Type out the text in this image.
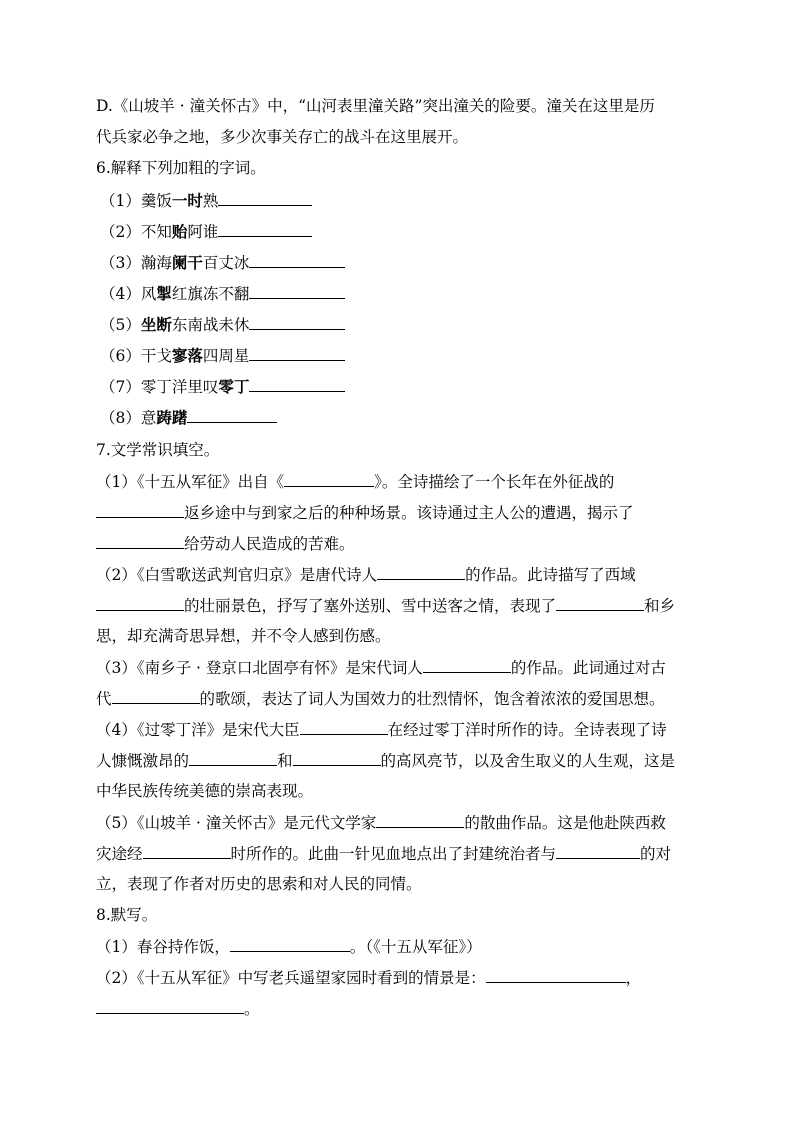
D.《山坡羊 · 潼关怀古》中，“山河表里潼关路”突出潼关的险要。潼关在这里是历
代兵家必争之地，多少次事关存亡的战斗在这里展开。
6.解释下列加粗的字词。
（1）羹饭一时熟
（2）不知贻阿谁
（3）瀚海阑干百丈冰
（4）风掣红旗冻不翻
（5）坐断东南战未休
（6）干戈寥落四周星
（7）零丁洋里叹零丁
（8）意踌躇
7.文学常识填空。
（1）《十五从军征》出自《	》。全诗描绘了一个长年在外征战的
返乡途中与到家之后的种种场景。该诗通过主人公的遭遇，揭示了
给劳动人民造成的苦难。
（2）《白雪歌送武判官归京》是唐代诗人	的作品。此诗描写了西域
的壮丽景色，抒写了塞外送别、雪中送客之情，表现了	和乡
思，却充满奇思异想，并不令人感到伤感。
（3）《南乡子 · 登京口北固亭有怀》是宋代词人	的作品。此词通过对古
代	的歌颂，表达了词人为国效力的壮烈情怀，饱含着浓浓的爱国思想。
（4）《过零丁洋》是宋代大臣	在经过零丁洋时所作的诗。全诗表现了诗
人慷慨激昂的	和	的高风亮节，以及舍生取义的人生观，这是
中华民族传统美德的崇高表现。
（5）《山坡羊 · 潼关怀古》是元代文学家	的散曲作品。这是他赴陕西救
灾途经	时所作的。此曲一针见血地点出了封建统治者与	的对
立，表现了作者对历史的思索和对人民的同情。
8.默写。
（1）春谷持作饭，	。（《十五从军征》）
（2）《十五从军征》中写老兵遥望家园时看到的情景是：	，
。
